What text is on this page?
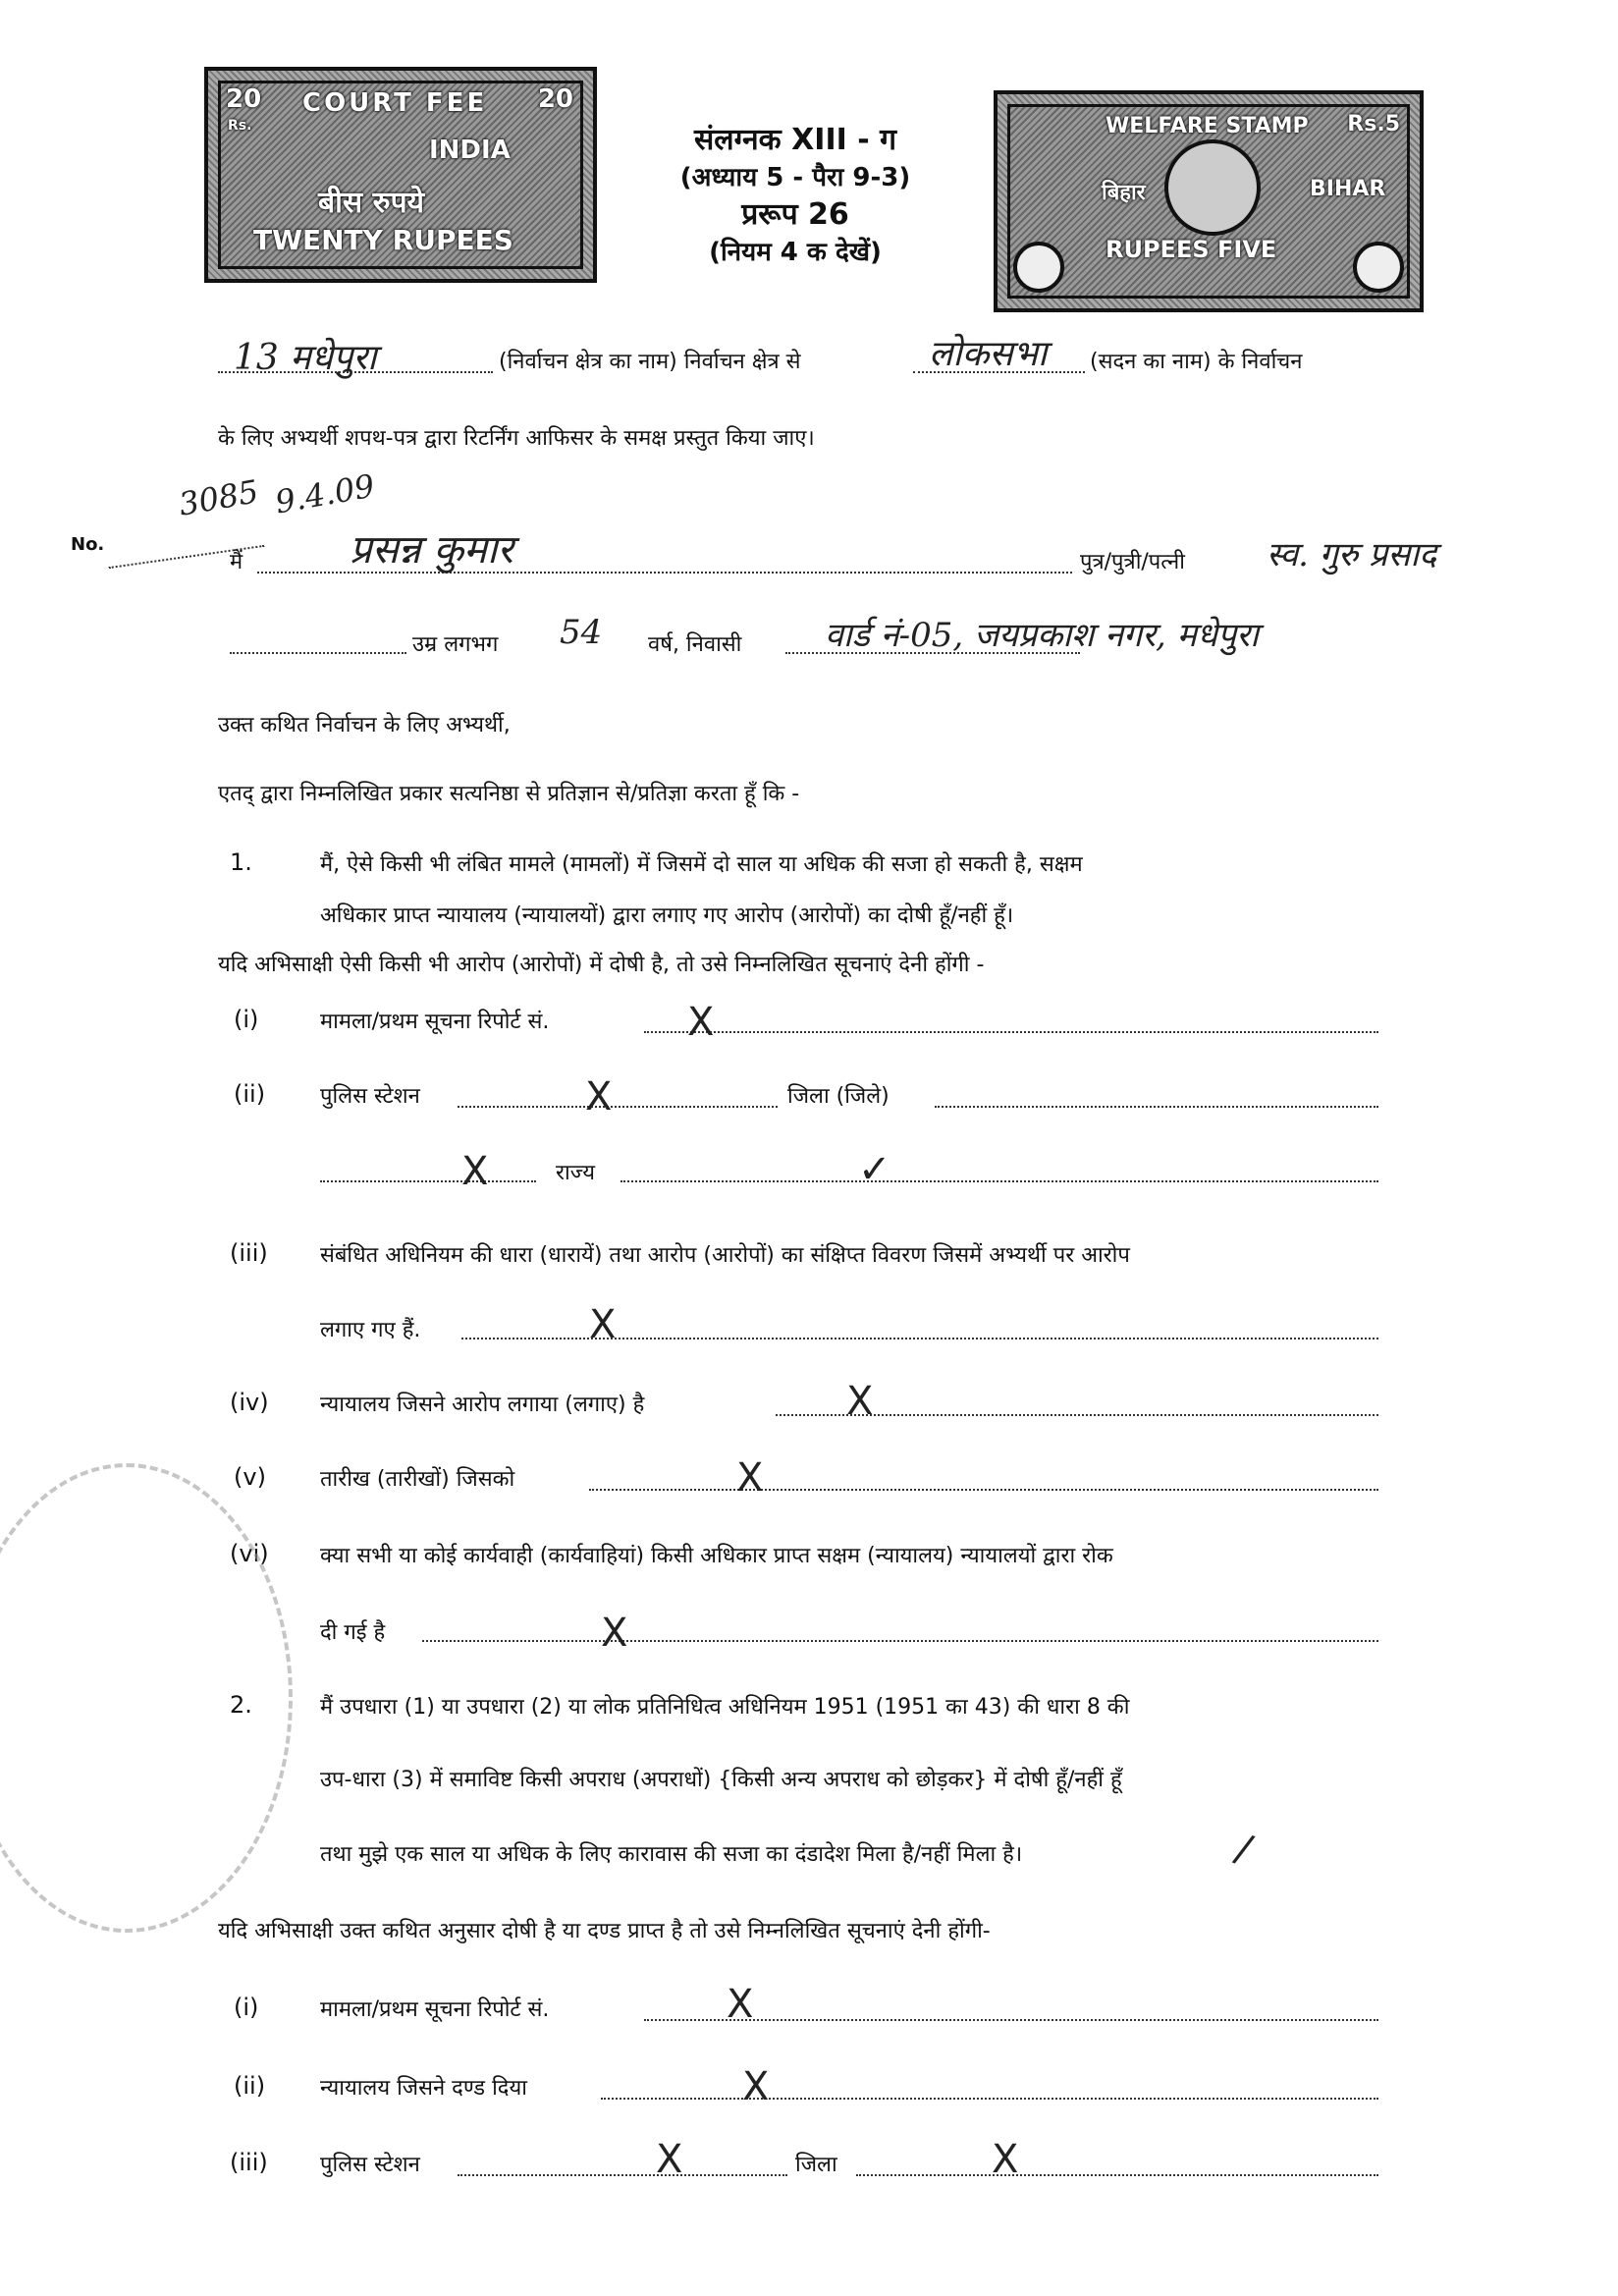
20
Rs.
COURT FEE 20
INDIA
बीस रुपये
TWENTY RUPEES
WELFARE STAMP Rs.5
बिहार	BIHAR
RUPEES FIVE
संलग्नक XIII - ग
(अध्याय 5 - पैरा 9-3)
प्ररूप 26
(नियम 4 क देखें)
13 मधेपुरा	(निर्वाचन क्षेत्र का नाम) निर्वाचन क्षेत्र से	लोकसभा (सदन का नाम) के निर्वाचन
के लिए अभ्यर्थी शपथ-पत्र द्वारा रिटर्निंग आफिसर के समक्ष प्रस्तुत किया जाए।
No.
3085 9.4.09
मैं	प्रसन्न कुमार	पुत्र/पुत्री/पत्नी स्व. गुरु प्रसाद
उम्र लगभग 54 वर्ष, निवासी वार्ड नं-05, जयप्रकाश नगर, मधेपुरा
उक्त कथित निर्वाचन के लिए अभ्यर्थी,
एतद् द्वारा निम्नलिखित प्रकार सत्यनिष्ठा से प्रतिज्ञान से/प्रतिज्ञा करता हूँ कि -
1.	मैं, ऐसे किसी भी लंबित मामले (मामलों) में जिसमें दो साल या अधिक की सजा हो सकती है, सक्षम
अधिकार प्राप्त न्यायालय (न्यायालयों) द्वारा लगाए गए आरोप (आरोपों) का दोषी हूँ/नहीं हूँ।
यदि अभिसाक्षी ऐसी किसी भी आरोप (आरोपों) में दोषी है, तो उसे निम्नलिखित सूचनाएं देनी होंगी -
(i)	मामला/प्रथम सूचना रिपोर्ट सं.	X
(ii)	पुलिस स्टेशन	X	जिला (जिले)
X	राज्य	✓
(iii) संबंधित अधिनियम की धारा (धारायें) तथा आरोप (आरोपों) का संक्षिप्त विवरण जिसमें अभ्यर्थी पर आरोप
लगाए गए हैं.	X
(iv) न्यायालय जिसने आरोप लगाया (लगाए) है	X
(v)	तारीख (तारीखों) जिसको	X
(vi) क्या सभी या कोई कार्यवाही (कार्यवाहियां) किसी अधिकार प्राप्त सक्षम (न्यायालय) न्यायालयों द्वारा रोक
दी गई है	X
2.	मैं उपधारा (1) या उपधारा (2) या लोक प्रतिनिधित्व अधिनियम 1951 (1951 का 43) की धारा 8 की
उप-धारा (3) में समाविष्ट किसी अपराध (अपराधों) {किसी अन्य अपराध को छोड़कर} में दोषी हूँ/नहीं हूँ
तथा मुझे एक साल या अधिक के लिए कारावास की सजा का दंडादेश मिला है/नहीं मिला है।	/
यदि अभिसाक्षी उक्त कथित अनुसार दोषी है या दण्ड प्राप्त है तो उसे निम्नलिखित सूचनाएं देनी होंगी-
(i)	मामला/प्रथम सूचना रिपोर्ट सं.	X
(ii)	न्यायालय जिसने दण्ड दिया	X
(iii) पुलिस स्टेशन	X	जिला	X
